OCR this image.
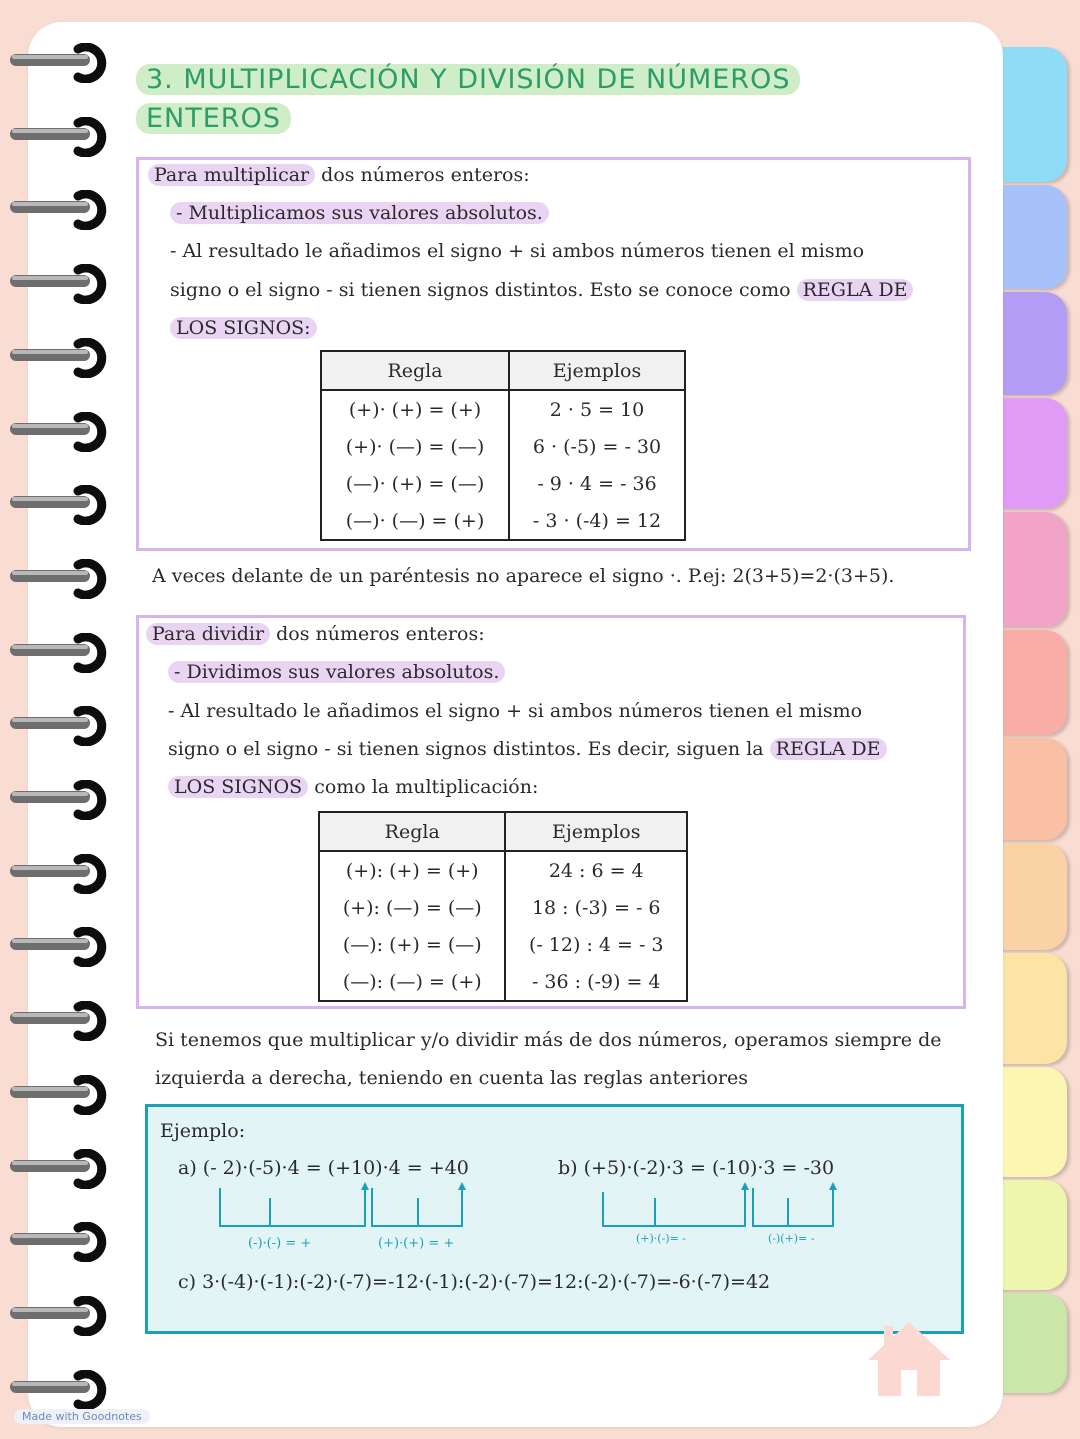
3. MULTIPLICACIÓN Y DIVISIÓN DE NÚMEROS
ENTEROS
Para multiplicar dos números enteros:
- Multiplicamos sus valores absolutos.
- Al resultado le añadimos el signo + si ambos números tienen el mismo
signo o el signo - si tienen signos distintos. Esto se conoce como REGLA DE
LOS SIGNOS:
Regla	Ejemplos
(+)· (+) = (+)	2 · 5 = 10
(+)· (—) = (—)	6 · (-5) = - 30
(—)· (+) = (—)	- 9 · 4 = - 36
(—)· (—) = (+)	- 3 · (-4) = 12
A veces delante de un paréntesis no aparece el signo ·. P.ej: 2(3+5)=2·(3+5).
Para dividir dos números enteros:
- Dividimos sus valores absolutos.
- Al resultado le añadimos el signo + si ambos números tienen el mismo
signo o el signo - si tienen signos distintos. Es decir, siguen la REGLA DE
LOS SIGNOS como la multiplicación:
Regla	Ejemplos
(+): (+) = (+)	24 : 6 = 4
(+): (—) = (—)	18 : (-3) = - 6
(—): (+) = (—)	(- 12) : 4 = - 3
(—): (—) = (+)	- 36 : (-9) = 4
Si tenemos que multiplicar y/o dividir más de dos números, operamos siempre de
izquierda a derecha, teniendo en cuenta las reglas anteriores
Ejemplo:
a) (- 2)·(-5)·4 = (+10)·4 = +40	b) (+5)·(-2)·3 = (-10)·3 = -30
(-)·(-) = +	(+)·(+) = +	(+)·(-)= -	(-)(+)= -
c) 3·(-4)·(-1):(-2)·(-7)=-12·(-1):(-2)·(-7)=12:(-2)·(-7)=-6·(-7)=42
Made with Goodnotes
